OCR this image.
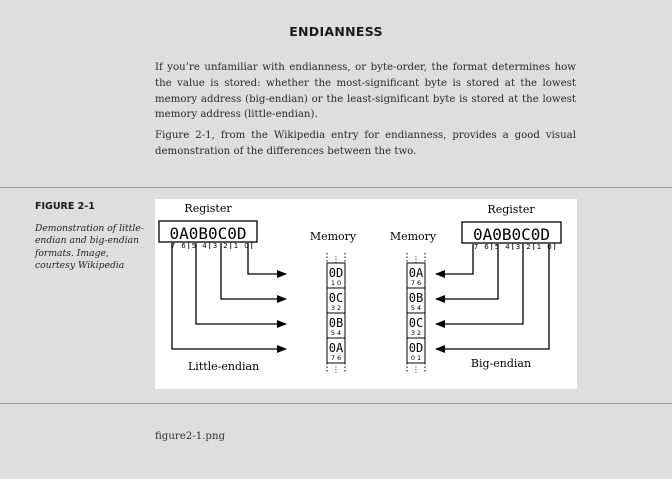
ENDIANNESS

If you’re unfamiliar with endianness, or byte-order, the format determines how the value is stored: whether the most-significant byte is stored at the lowest memory address (big-endian) or the least-significant byte is stored at the lowest memory address (little-endian).

Figure 2-1, from the Wikipedia entry for endianness, provides a good visual demonstration of the differences between the two.

FIGURE 2-1
Demonstration of little-endian and big-endian formats. Image, courtesy Wikipedia
Register
0A0B0C0D
7 6 5 4 3 2 1 0
Little-endian
Memory
⋮
0D
1 0
0C
3 2
0B
5 4
0A
7 6
⋮
Memory
⋮
0A
7 6
0B
5 4
0C
3 2
0D
0 1
⋮
Register
0A0B0C0D
7 6 5 4 3 2 1 0
Big-endian
figure2-1.png
